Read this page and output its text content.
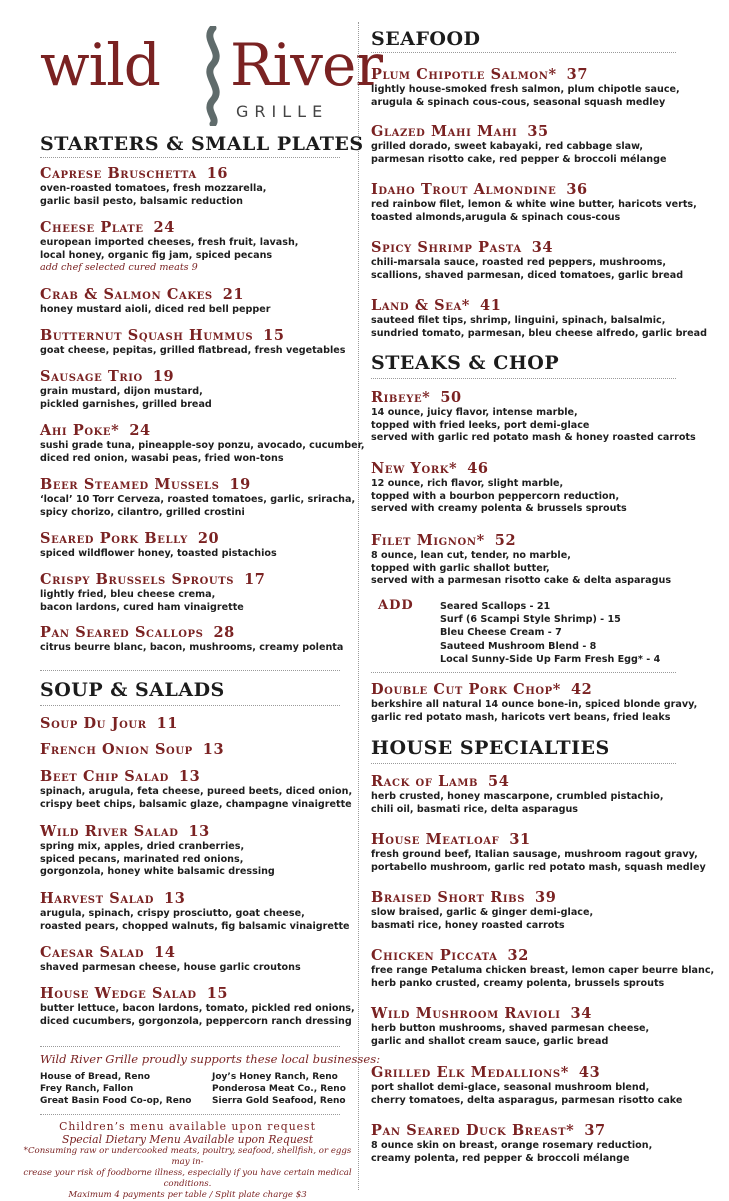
wild River
GRILLE
STARTERS & SMALL PLATES
Caprese Bruschetta 16
oven-roasted tomatoes, fresh mozzarella,
garlic basil pesto, balsamic reduction
Cheese Plate 24
european imported cheeses, fresh fruit, lavash,
local honey, organic fig jam, spiced pecans
add chef selected cured meats 9
Crab & Salmon Cakes 21
honey mustard aioli, diced red bell pepper
Butternut Squash Hummus 15
goat cheese, pepitas, grilled flatbread, fresh vegetables
Sausage Trio 19
grain mustard, dijon mustard,
pickled garnishes, grilled bread
Ahi Poke* 24
sushi grade tuna, pineapple-soy ponzu, avocado, cucumber,
diced red onion, wasabi peas, fried won-tons
Beer Steamed Mussels 19
‘local’ 10 Torr Cerveza, roasted tomatoes, garlic, sriracha,
spicy chorizo, cilantro, grilled crostini
Seared Pork Belly 20
spiced wildflower honey, toasted pistachios
Crispy Brussels Sprouts 17
lightly fried, bleu cheese crema,
bacon lardons, cured ham vinaigrette
Pan Seared Scallops 28
citrus beurre blanc, bacon, mushrooms, creamy polenta
SOUP & SALADS
Soup Du Jour 11
French Onion Soup 13
Beet Chip Salad 13
spinach, arugula, feta cheese, pureed beets, diced onion,
crispy beet chips, balsamic glaze, champagne vinaigrette
Wild River Salad 13
spring mix, apples, dried cranberries,
spiced pecans, marinated red onions,
gorgonzola, honey white balsamic dressing
Harvest Salad 13
arugula, spinach, crispy prosciutto, goat cheese,
roasted pears, chopped walnuts, fig balsamic vinaigrette
Caesar Salad 14
shaved parmesan cheese, house garlic croutons
House Wedge Salad 15
butter lettuce, bacon lardons, tomato, pickled red onions,
diced cucumbers, gorgonzola, peppercorn ranch dressing
Wild River Grille proudly supports these local businesses:
House of Bread, Reno
Frey Ranch, Fallon
Great Basin Food Co-op, Reno
Joy’s Honey Ranch, Reno
Ponderosa Meat Co., Reno
Sierra Gold Seafood, Reno
Children’s menu available upon request
Special Dietary Menu Available upon Request
*Consuming raw or undercooked meats, poultry, seafood, shellfish, or eggs may in-
crease your risk of foodborne illness, especially if you have certain medical conditions.
Maximum 4 payments per table / Split plate charge $3
SEAFOOD
Plum Chipotle Salmon* 37
lightly house-smoked fresh salmon, plum chipotle sauce,
arugula & spinach cous-cous, seasonal squash medley
Glazed Mahi Mahi 35
grilled dorado, sweet kabayaki, red cabbage slaw,
parmesan risotto cake, red pepper & broccoli mélange
Idaho Trout Almondine 36
red rainbow filet, lemon & white wine butter, haricots verts,
toasted almonds,arugula & spinach cous-cous
Spicy Shrimp Pasta 34
chili-marsala sauce, roasted red peppers, mushrooms,
scallions, shaved parmesan, diced tomatoes, garlic bread
Land & Sea* 41
sauteed filet tips, shrimp, linguini, spinach, balsalmic,
sundried tomato, parmesan, bleu cheese alfredo, garlic bread
STEAKS & CHOP
Ribeye* 50
14 ounce, juicy flavor, intense marble,
topped with fried leeks, port demi-glace
served with garlic red potato mash & honey roasted carrots
New York* 46
12 ounce, rich flavor, slight marble,
topped with a bourbon peppercorn reduction,
served with creamy polenta & brussels sprouts
Filet Mignon* 52
8 ounce, lean cut, tender, no marble,
topped with garlic shallot butter,
served with a parmesan risotto cake & delta asparagus
ADD	Seared Scallops - 21
Surf (6 Scampi Style Shrimp) - 15
Bleu Cheese Cream - 7
Sauteed Mushroom Blend - 8
Local Sunny-Side Up Farm Fresh Egg* - 4
Double Cut Pork Chop* 42
berkshire all natural 14 ounce bone-in, spiced blonde gravy,
garlic red potato mash, haricots vert beans, fried leaks
HOUSE SPECIALTIES
Rack of Lamb 54
herb crusted, honey mascarpone, crumbled pistachio,
chili oil, basmati rice, delta asparagus
House Meatloaf 31
fresh ground beef, Italian sausage, mushroom ragout gravy,
portabello mushroom, garlic red potato mash, squash medley
Braised Short Ribs 39
slow braised, garlic & ginger demi-glace,
basmati rice, honey roasted carrots
Chicken Piccata 32
free range Petaluma chicken breast, lemon caper beurre blanc,
herb panko crusted, creamy polenta, brussels sprouts
Wild Mushroom Ravioli 34
herb button mushrooms, shaved parmesan cheese,
garlic and shallot cream sauce, garlic bread
Grilled Elk Medallions* 43
port shallot demi-glace, seasonal mushroom blend,
cherry tomatoes, delta asparagus, parmesan risotto cake
Pan Seared Duck Breast* 37
8 ounce skin on breast, orange rosemary reduction,
creamy polenta, red pepper & broccoli mélange
